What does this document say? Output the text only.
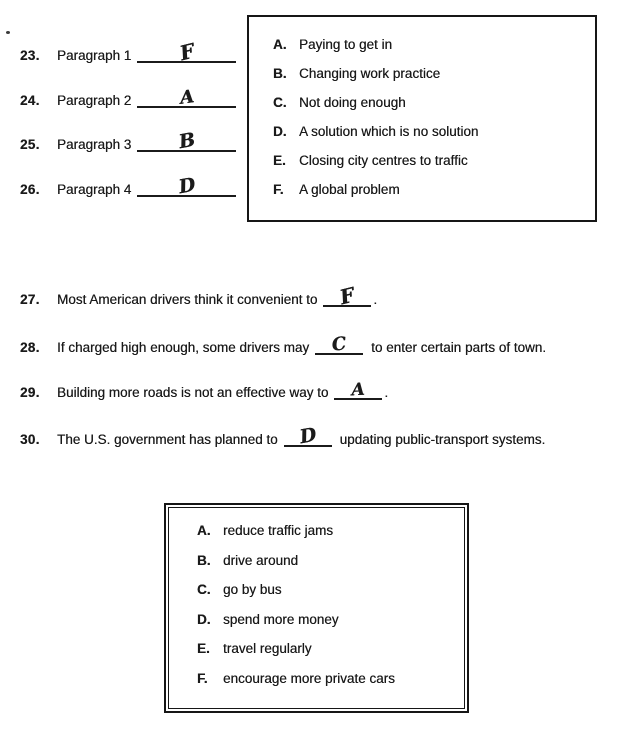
23.	Paragraph 1 F
24.	Paragraph 2	A
25.	Paragraph 3 B
26.	Paragraph 4 D
A. Paying to get in
B. Changing work practice
C. Not doing enough
D. A solution which is no solution
E. Closing city centres to traffic
F.	A global problem
27.	Most American drivers think it convenient to F .
28.	If charged high enough, some drivers may C to enter certain parts of town.
29.	Building more roads is not an effective way to A .
30.	The U.S. government has planned to D updating public-transport systems.
A. reduce traffic jams
B. drive around
C. go by bus
D. spend more money
E. travel regularly
F.	encourage more private cars
